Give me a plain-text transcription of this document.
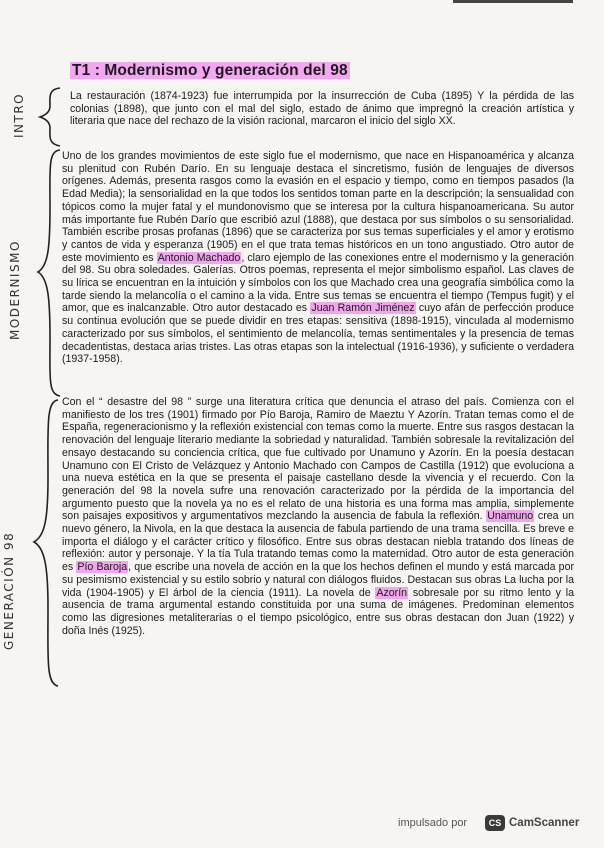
T1 : Modernismo y generación del 98
INTRO
MODERNISMO
GENERACIÓN 98

La restauración (1874-1923) fue interrumpida por la insurrección de Cuba (1895) Y la pérdida de las colonias (1898), que junto con el mal del siglo, estado de ánimo que impregnó la creación artística y literaria que nace del rechazo de la visión racional, marcaron el inicio del siglo XX.

Uno de los grandes movimientos de este siglo fue el modernismo, que nace en Hispanoamérica y alcanza su plenitud con Rubén Darío. En su lenguaje destaca el sincretismo, fusión de lenguajes de diversos orígenes. Además, presenta rasgos como la evasión en el espacio y tiempo, como en tiempos pasados (la Edad Media); la sensorialidad en la que todos los sentidos toman parte en la descripción; la sensualidad con tópicos como la mujer fatal y el mundonovismo que se interesa por la cultura hispanoamericana. Su autor más importante fue Rubén Darío que escribió azul (1888), que destaca por sus símbolos o su sensorialidad. También escribe prosas profanas (1896) que se caracteriza por sus temas superficiales y el amor y erotismo y cantos de vida y esperanza (1905) en el que trata temas históricos en un tono angustiado. Otro autor de este movimiento es Antonio Machado, claro ejemplo de las conexiones entre el modernismo y la generación del 98. Su obra soledades. Galerías. Otros poemas, representa el mejor simbolismo español. Las claves de su lírica se encuentran en la intuición y símbolos con los que Machado crea una geografía simbólica como la tarde siendo la melancolía o el camino a la vida. Entre sus temas se encuentra el tiempo (Tempus fugit) y el amor, que es inalcanzable. Otro autor destacado es Juan Ramón Jiménez cuyo afán de perfección produce su continua evolución que se puede dividir en tres etapas: sensitiva (1898-1915), vinculada al modernismo caracterizado por sus símbolos, el sentimiento de melancolía, temas sentimentales y la presencia de temas decadentistas, destaca arias tristes. Las otras etapas son la intelectual (1916-1936), y suficiente o verdadera (1937-1958).

Con el “ desastre del 98 ” surge una literatura crítica que denuncia el atraso del país. Comienza con el manifiesto de los tres (1901) firmado por Pío Baroja, Ramiro de Maeztu Y Azorín. Tratan temas como el de España, regeneracionismo y la reflexión existencial con temas como la muerte. Entre sus rasgos destacan la renovación del lenguaje literario mediante la sobriedad y naturalidad. También sobresale la revitalización del ensayo destacando su conciencia crítica, que fue cultivado por Unamuno y Azorín. En la poesía destacan Unamuno con El Cristo de Velázquez y Antonio Machado con Campos de Castilla (1912) que evoluciona a una nueva estética en la que se presenta el paisaje castellano desde la vivencia y el recuerdo. Con la generación del 98 la novela sufre una renovación caracterizado por la pérdida de la importancia del argumento puesto que la novela ya no es el relato de una historia es una forma mas amplia, simplemente son paisajes expositivos y argumentativos mezclando la ausencia de fabula la reflexión. Unamuno crea un nuevo género, la Nivola, en la que destaca la ausencia de fabula partiendo de una trama sencilla. Es breve e importa el diálogo y el carácter crítico y filosófico. Entre sus obras destacan niebla tratando dos líneas de reflexión: autor y personaje. Y la tía Tula tratando temas como la maternidad. Otro autor de esta generación es Pío Baroja, que escribe una novela de acción en la que los hechos definen el mundo y está marcada por su pesimismo existencial y su estilo sobrio y natural con diálogos fluidos. Destacan sus obras La lucha por la vida (1904-1905) y El árbol de la ciencia (1911). La novela de Azorín sobresale por su ritmo lento y la ausencia de trama argumental estando constituida por una suma de imágenes. Predominan elementos como las digresiones metaliterarias o el tiempo psicológico, entre sus obras destacan don Juan (1922) y doña Inés (1925).

impulsado por	CS CamScanner
